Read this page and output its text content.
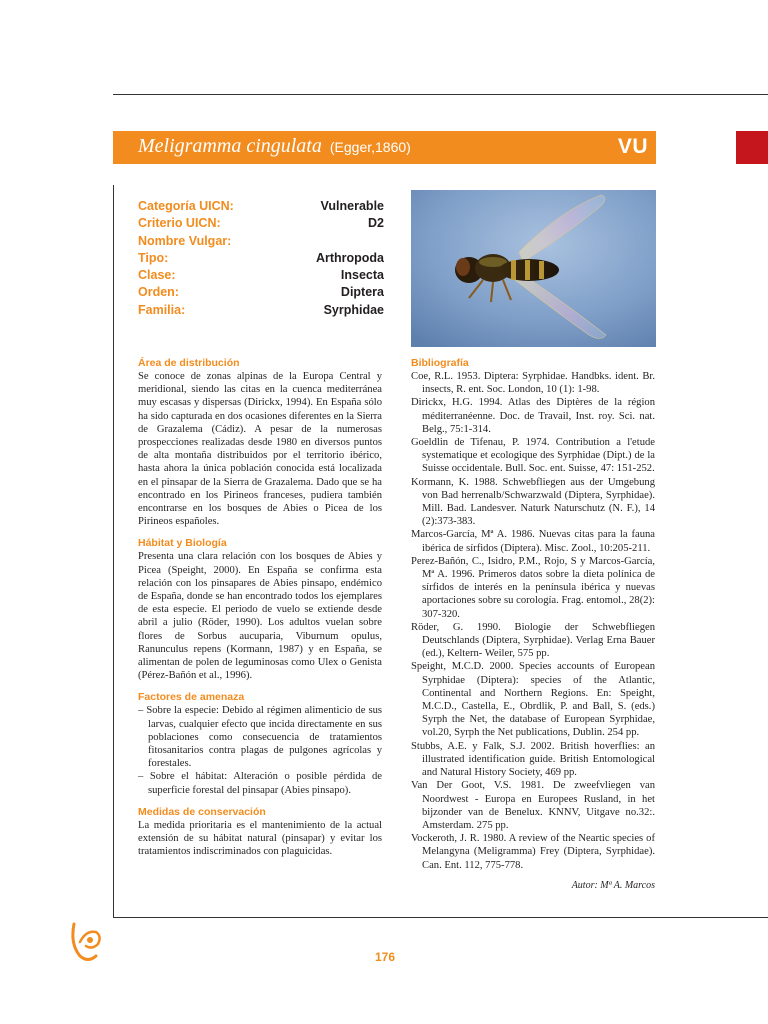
Meligramma cingulata (Egger,1860)	VU
Categoría UICN:	Vulnerable
Criterio UICN:	D2
Nombre Vulgar:
Tipo:	Arthropoda
Clase:	Insecta
Orden:	Diptera
Familia:	Syrphidae
Área de distribución

Se conoce de zonas alpinas de la Europa Central y meridional, siendo las citas en la cuenca mediterránea muy escasas y dispersas (Dirickx, 1994). En España sólo ha sido capturada en dos ocasiones diferentes en la Sierra de Grazalema (Cádiz). A pesar de la numerosas prospecciones realizadas desde 1980 en diversos puntos de alta montaña distribuidos por el territorio ibérico, hasta ahora la única población conocida está localizada en el pinsapar de la Sierra de Grazalema. Dado que se ha encontrado en los Pirineos franceses, pudiera también encontrarse en los bosques de Abies o Picea de los Pirineos españoles.

Hábitat y Biología

Presenta una clara relación con los bosques de Abies y Picea (Speight, 2000). En España se confirma esta relación con los pinsapares de Abies pinsapo, endémico de España, donde se han encontrado todos los ejemplares de esta especie. El periodo de vuelo se extiende desde abril a julio (Röder, 1990). Los adultos vuelan sobre flores de Sorbus aucuparia, Viburnum opulus, Ranunculus repens (Kormann, 1987) y en España, se alimentan de polen de leguminosas como Ulex o Genista (Pérez-Bañón et al., 1996).

Factores de amenaza

– Sobre la especie: Debido al régimen alimenticio de sus larvas, cualquier efecto que incida directamente en sus poblaciones como consecuencia de tratamientos fitosanitarios contra plagas de pulgones agrícolas y forestales.

– Sobre el hábitat: Alteración o posible pérdida de superficie forestal del pinsapar (Abies pinsapo).

Medidas de conservación

La medida prioritaria es el mantenimiento de la actual extensión de su hábitat natural (pinsapar) y evitar los tratamientos indiscriminados con plaguicidas.

Bibliografía

Coe, R.L. 1953. Diptera: Syrphidae. Handbks. ident. Br. insects, R. ent. Soc. London, 10 (1): 1-98.

Dirickx, H.G. 1994. Atlas des Diptères de la région méditerranéenne. Doc. de Travail, Inst. roy. Sci. nat. Belg., 75:1-314.

Goeldlin de Tifenau, P. 1974. Contribution a l'etude systematique et ecologique des Syrphidae (Dipt.) de la Suisse occidentale. Bull. Soc. ent. Suisse, 47: 151-252.

Kormann, K. 1988. Schwebfliegen aus der Umgebung von Bad herrenalb/Schwarzwald (Diptera, Syrphidae). Mill. Bad. Landesver. Naturk Naturschutz (N. F.), 14 (2):373-383.

Marcos-García, Mª A. 1986. Nuevas citas para la fauna ibérica de sírfidos (Diptera). Misc. Zool., 10:205-211.

Perez-Bañón, C., Isidro, P.M., Rojo, S y Marcos-García, Mª A. 1996. Primeros datos sobre la dieta polínica de sírfidos de interés en la península ibérica y nuevas aportaciones sobre su corología. Frag. entomol., 28(2): 307-320.

Röder, G. 1990. Biologie der Schwebfliegen Deutschlands (Diptera, Syrphidae). Verlag Erna Bauer (ed.), Keltern- Weiler, 575 pp.

Speight, M.C.D. 2000. Species accounts of European Syrphidae (Diptera): species of the Atlantic, Continental and Northern Regions. En: Speight, M.C.D., Castella, E., Obrdlik, P. and Ball, S. (eds.) Syrph the Net, the database of European Syrphidae, vol.20, Syrph the Net publications, Dublin. 254 pp.

Stubbs, A.E. y Falk, S.J. 2002. British hoverflies: an illustrated identification guide. British Entomological and Natural History Society, 469 pp.

Van Der Goot, V.S. 1981. De zweefvliegen van Noordwest - Europa en Europees Rusland, in het bijzonder van de Benelux. KNNV, Uitgave no.32:. Amsterdam. 275 pp.

Vockeroth, J. R. 1980. A review of the Neartic species of Melangyna (Meligramma) Frey (Diptera, Syrphidae). Can. Ent. 112, 775-778.

Autor: Mª A. Marcos

176
